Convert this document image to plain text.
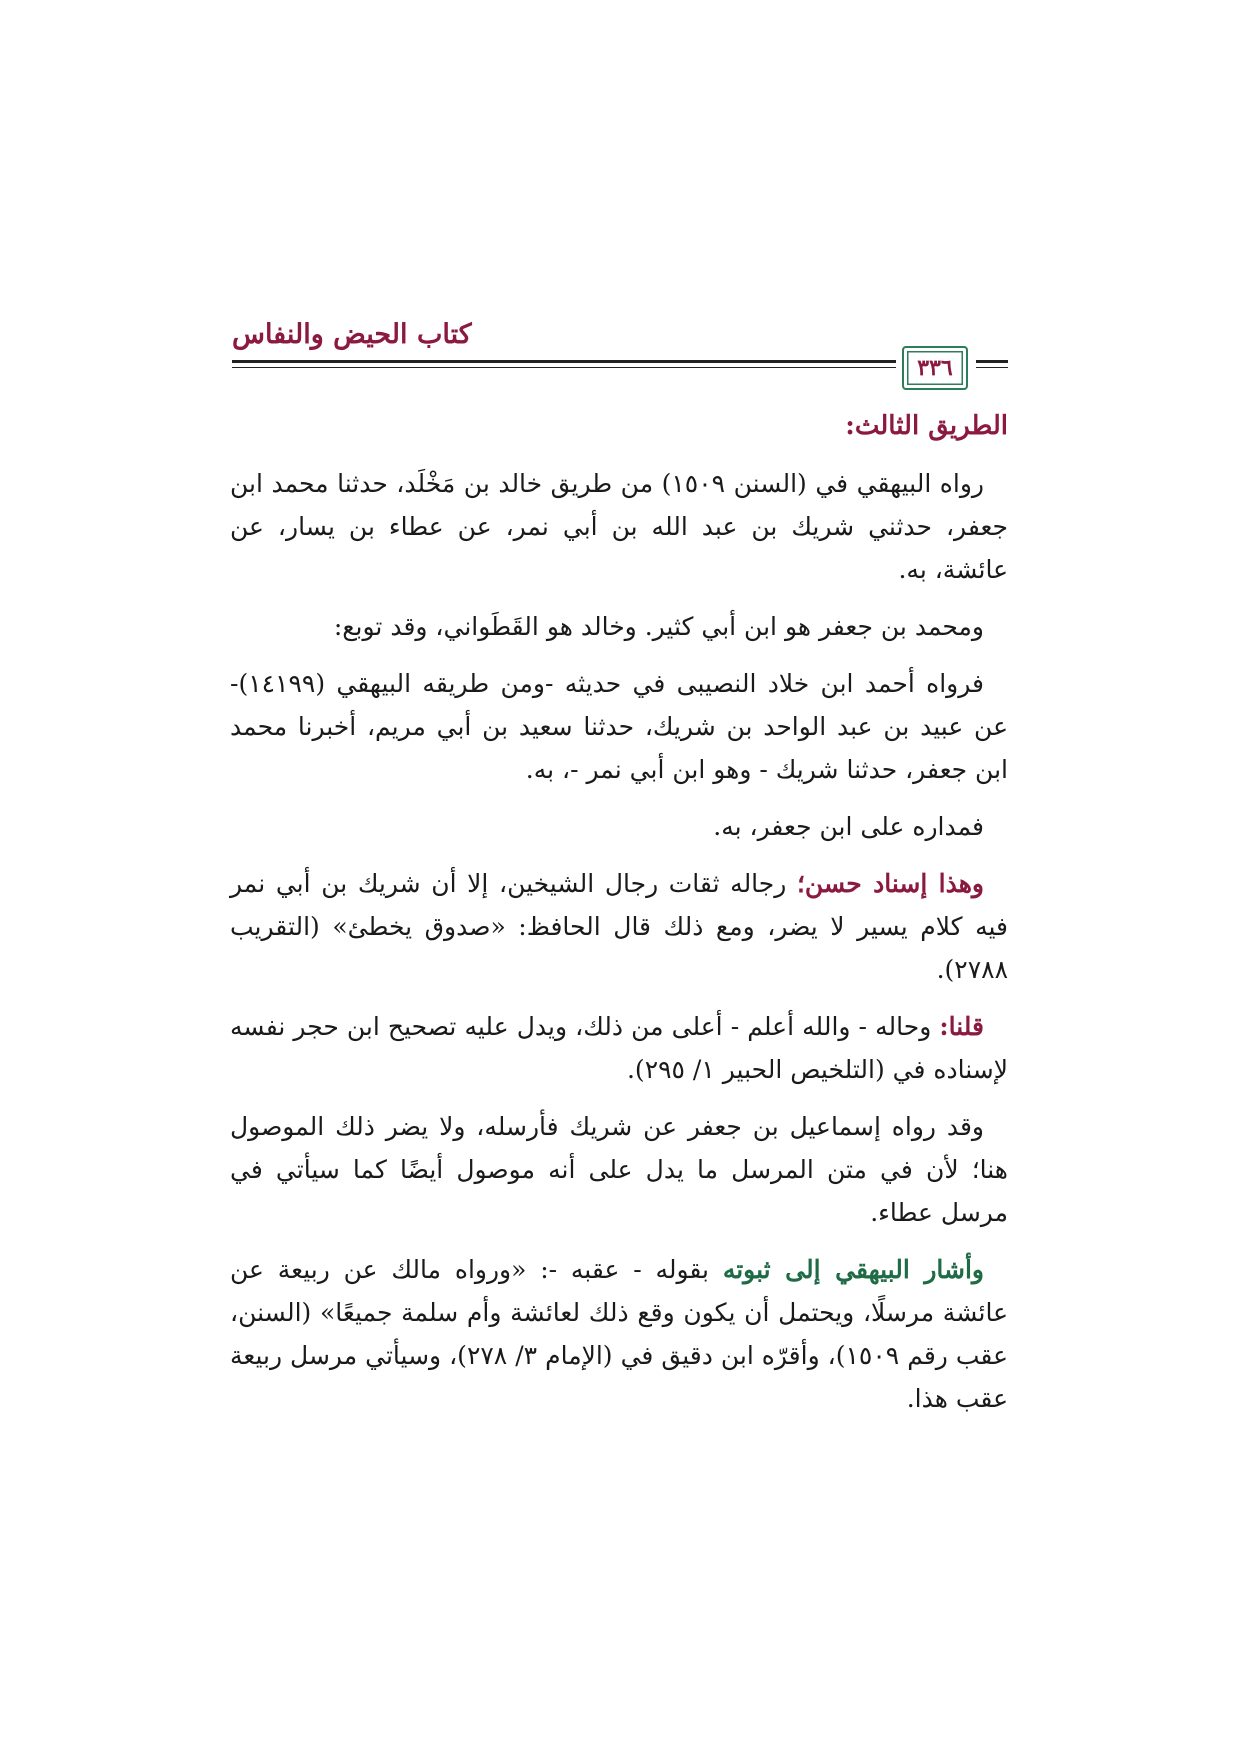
كتاب الحيض والنفاس
٣٣٦

الطريق الثالث:

رواه البيهقي في (السنن ١٥٠٩) من طريق خالد بن مَخْلَد، حدثنا محمد ابن جعفر، حدثني شريك بن عبد الله بن أبي نمر، عن عطاء بن يسار، عن عائشة، به.

ومحمد بن جعفر هو ابن أبي كثير. وخالد هو القَطَواني، وقد توبع:

فرواه أحمد ابن خلاد النصيبى في حديثه -ومن طريقه البيهقي (١٤١٩٩)- عن عبيد بن عبد الواحد بن شريك، حدثنا سعيد بن أبي مريم، أخبرنا محمد ابن جعفر، حدثنا شريك - وهو ابن أبي نمر -، به.

فمداره على ابن جعفر، به.

وهذا إسناد حسن؛ رجاله ثقات رجال الشيخين، إلا أن شريك بن أبي نمر فيه كلام يسير لا يضر، ومع ذلك قال الحافظ: «صدوق يخطئ» (التقريب ٢٧٨٨).

قلنا: وحاله - والله أعلم - أعلى من ذلك، ويدل عليه تصحيح ابن حجر نفسه لإسناده في (التلخيص الحبير ١/ ٢٩٥).

وقد رواه إسماعيل بن جعفر عن شريك فأرسله، ولا يضر ذلك الموصول هنا؛ لأن في متن المرسل ما يدل على أنه موصول أيضًا كما سيأتي في مرسل عطاء.

وأشار البيهقي إلى ثبوته بقوله - عقبه -: «ورواه مالك عن ربيعة عن عائشة مرسلًا، ويحتمل أن يكون وقع ذلك لعائشة وأم سلمة جميعًا» (السنن، عقب رقم ١٥٠٩)، وأقرّه ابن دقيق في (الإمام ٣/ ٢٧٨)، وسيأتي مرسل ربيعة عقب هذا.
